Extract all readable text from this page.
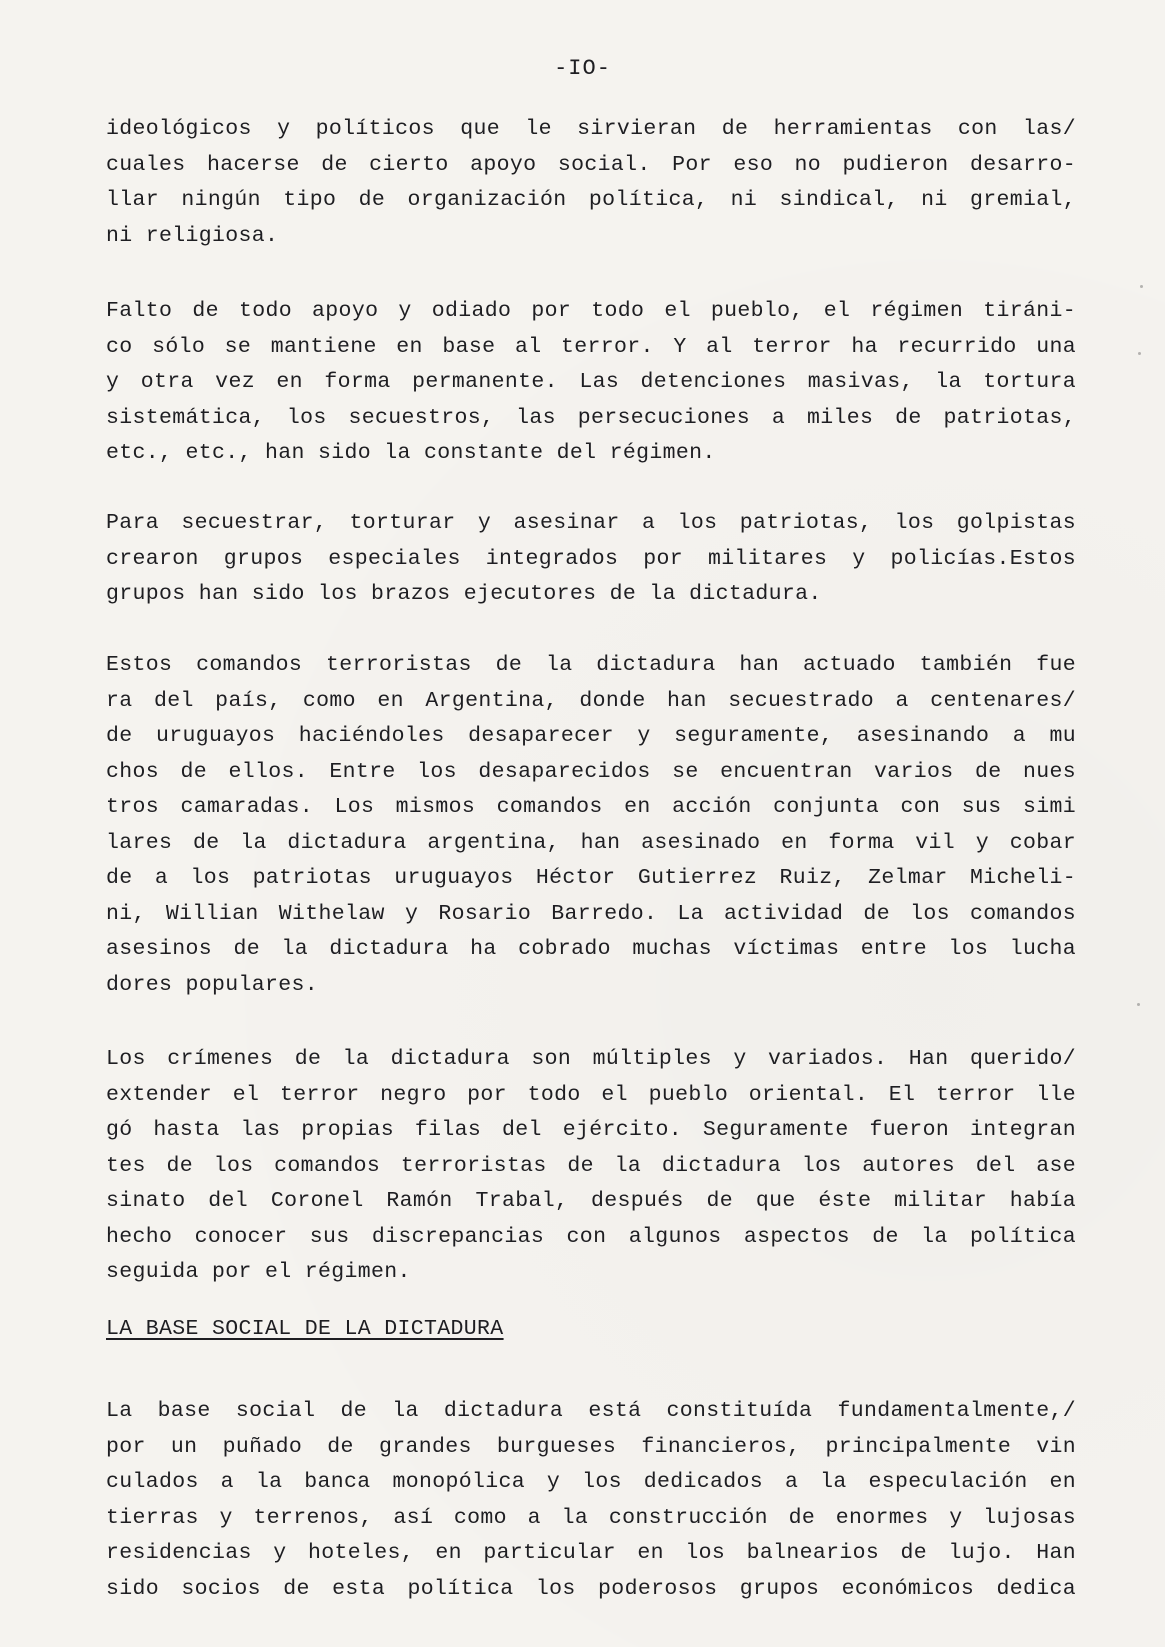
-IO-
ideológicos y políticos que le sirvieran de herramientas con las/
cuales hacerse de cierto apoyo social. Por eso no pudieron desarro-
llar ningún tipo de organización política, ni sindical, ni gremial,
ni religiosa.
Falto de todo apoyo y odiado por todo el pueblo, el régimen tiráni-
co sólo se mantiene en base al terror. Y al terror ha recurrido una
y otra vez en forma permanente. Las detenciones masivas, la tortura
sistemática, los secuestros, las persecuciones a miles de patriotas,
etc., etc., han sido la constante del régimen.
Para secuestrar, torturar y asesinar a los patriotas, los golpistas
crearon grupos especiales integrados por militares y policías.Estos
grupos han sido los brazos ejecutores de la dictadura.
Estos comandos terroristas de la dictadura han actuado también fue
ra del país, como en Argentina, donde han secuestrado a centenares/
de uruguayos haciéndoles desaparecer y seguramente, asesinando a mu
chos de ellos. Entre los desaparecidos se encuentran varios de nues
tros camaradas. Los mismos comandos en acción conjunta con sus simi
lares de la dictadura argentina, han asesinado en forma vil y cobar
de a los patriotas uruguayos Héctor Gutierrez Ruiz, Zelmar Micheli-
ni, Willian Withelaw y Rosario Barredo. La actividad de los comandos
asesinos de la dictadura ha cobrado muchas víctimas entre los lucha
dores populares.
Los crímenes de la dictadura son múltiples y variados. Han querido/
extender el terror negro por todo el pueblo oriental. El terror lle
gó hasta las propias filas del ejército. Seguramente fueron integran
tes de los comandos terroristas de la dictadura los autores del ase
sinato del Coronel Ramón Trabal, después de que éste militar había
hecho conocer sus discrepancias con algunos aspectos de la política
seguida por el régimen.

LA BASE SOCIAL DE LA DICTADURA

La base social de la dictadura está constituída fundamentalmente,/
por un puñado de grandes burgueses financieros, principalmente vin
culados a la banca monopólica y los dedicados a la especulación en
tierras y terrenos, así como a la construcción de enormes y lujosas
residencias y hoteles, en particular en los balnearios de lujo. Han
sido socios de esta política los poderosos grupos económicos dedica
